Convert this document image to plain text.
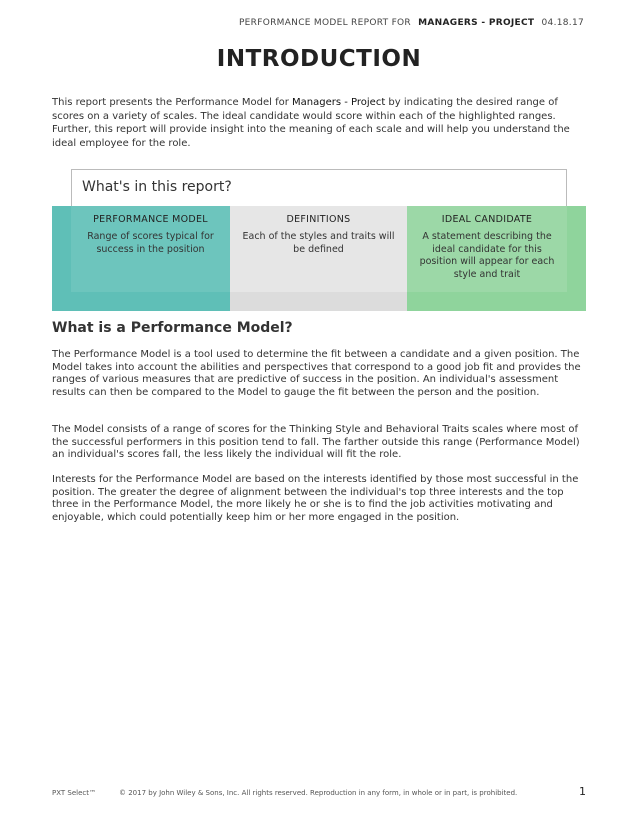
PERFORMANCE MODEL REPORT FOR MANAGERS - PROJECT 04.18.17
INTRODUCTION

This report presents the Performance Model for Managers - Project by indicating the desired range of scores on a variety of scales. The ideal candidate would score within each of the highlighted ranges. Further, this report will provide insight into the meaning of each scale and will help you understand the ideal employee for the role.

What's in this report?
PERFORMANCE MODEL
Range of scores typical for success in the position
DEFINITIONS
Each of the styles and traits will be defined
IDEAL CANDIDATE
A statement describing the ideal candidate for this position will appear for each style and trait
What is a Performance Model?

The Performance Model is a tool used to determine the fit between a candidate and a given position. The Model takes into account the abilities and perspectives that correspond to a good job fit and provides the ranges of various measures that are predictive of success in the position. An individual's assessment results can then be compared to the Model to gauge the fit between the person and the position.

The Model consists of a range of scores for the Thinking Style and Behavioral Traits scales where most of the successful performers in this position tend to fall. The farther outside this range (Performance Model) an individual's scores fall, the less likely the individual will fit the role.

Interests for the Performance Model are based on the interests identified by those most successful in the position. The greater the degree of alignment between the individual's top three interests and the top three in the Performance Model, the more likely he or she is to find the job activities motivating and enjoyable, which could potentially keep him or her more engaged in the position.

PXT Select™	© 2017 by John Wiley & Sons, Inc. All rights reserved. Reproduction in any form, in whole or in part, is prohibited.	1
